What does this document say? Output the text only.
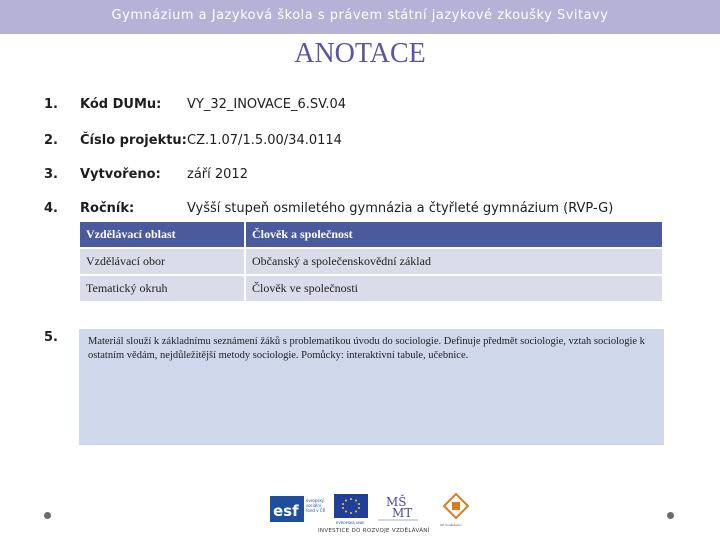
Gymnázium a Jazyková škola s právem státní jazykové zkoušky Svitavy
ANOTACE
1. Kód DUMu: VY_32_INOVACE_6.SV.04
2. Číslo projektu: CZ.1.07/1.5.00/34.0114
3. Vytvořeno: září 2012
4. Ročník:	Vyšší stupeň osmiletého gymnázia a čtyřleté gymnázium (RVP-G)
Vzdělávací oblast	Člověk a společnost
Vzdělávací obor	Občanský a společenskovědní základ
Tematický okruh	Člověk ve společnosti
5.	Materiál slouží k základnímu seznámení žáků s problematikou úvodu do sociologie. Definuje předmět sociologie, vztah sociologie k ostatním vědám, nejdůležitější metody sociologie. Pomůcky: interaktivní tabule, učebnice.
esf
evropský
sociální
fond v ČR
EVROPSKÁ UNIE
MŠ
MT
OP Vzdělávání
INVESTICE DO ROZVOJE VZDĚLÁVÁNÍ
